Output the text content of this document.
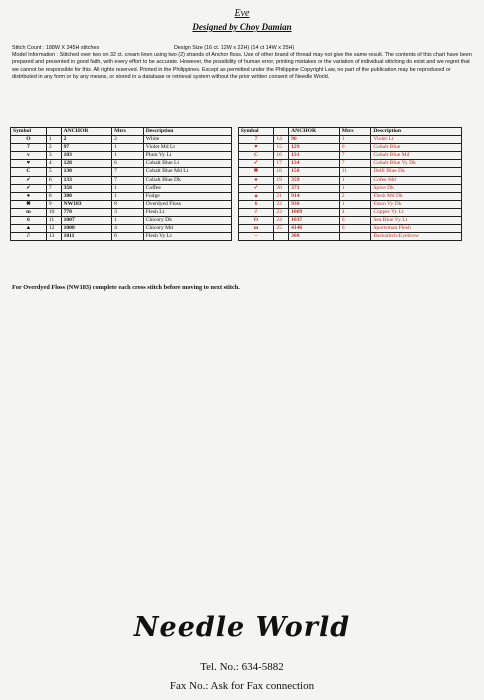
Eve
Designed by Choy Damian
Stitch Count : 188W X 345H stitches	Design Size (16 ct. 12W x 22H) (14 ct 14W x 25H)

Model Information : Stitched over two on 32 ct. cream linen using two (2) strands of Anchor floss. Use of other brand of thread may not give the same result. The contents of this chart have been prepared and presented in good faith, with every effort to be accurate. However, the possibility of human error, printing mistakes or the variation of individual stitching do exist and we regret that we cannot be responsible for this. All rights reserved. Printed in the Philippines. Except as permitted under the Philippine Copyright Law, no part of the publication may be reproduced or distributed in any form or by any means, or stored in a database or retrieval system without the prior written consent of Needle World.

Symbol		ANCHOR	Mtrs	Description		Symbol		ANCHOR	Mtrs	Description
O	1	2	2	White		7	14	96	1	Violet Lt
7	2	97	1	Violet Md Lt		♥	15	129	6	Cobalt Blue
v	3	103	1	Plum Vy Lt		C	16	131	7	Cobalt Blue Md
♥	4	128	6	Cobalt Blue Lt		✓	17	134	7	Cobalt Blue Vy Dk
C	5	130	7	Cobalt Blue Md Lt		✖	18	150	11	Delft Blue Dk
✓	6	133	7	Cobalt Blue Dk		●	19	359	1	Cofee Md
✓	7	358	1	Coffee		✓	20	371	1	Spice Dk
●	8	380	1	Fudge		▲	21	914	2	Flesh Md Dk
✖	9	NW183	8	Overdyed Floss		6	22	936	1	Fawn Vy Dk
m	10	778	3	Flesh Lt		∂	23	1009	4	Copper Vy Lt
6	11	1007	1	Chicory Dk		O	24	1037	6	Sea Blue Vy Lt
▲	12	1008	4	Chicory Md		m	25	4146	6	Sportsman Flesh
∂	13	1011	6	Flesh Vy Lt		--		380		Backstitch-Eyebrow
For Overdyed Floss (NW183) complete each cross stitch before moving to next stitch.
Needle World
Tel. No.: 634-5882
Fax No.: Ask for Fax connection
